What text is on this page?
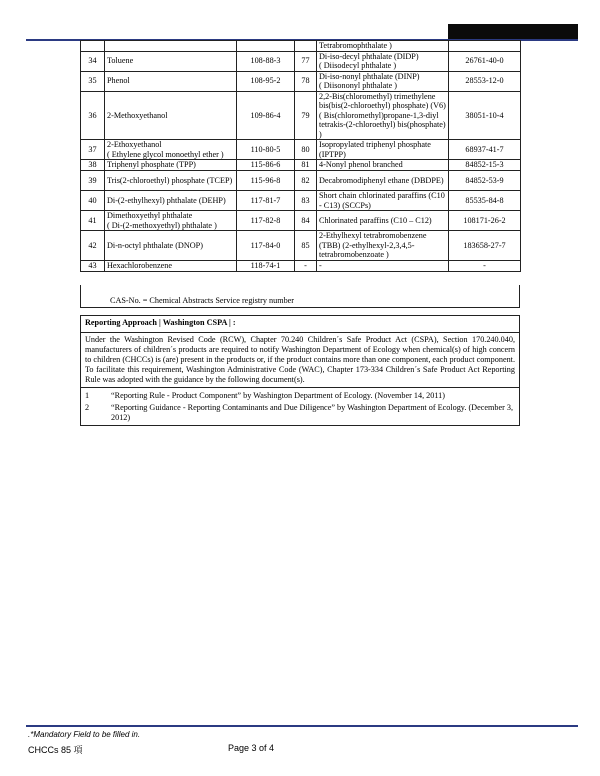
				Tetrabromophthalate )	
34	Toluene	108-88-3	77	Di-iso-decyl phthalate (DIDP)
( Diisodecyl phthalate )	26761-40-0
35	Phenol	108-95-2	78	Di-iso-nonyl phthalate (DINP)
( Diisononyl phthalate )	28553-12-0
36	2-Methoxyethanol	109-86-4	79	2,2-Bis(chloromethyl) trimethylene bis(bis(2-chloroethyl) phosphate) (V6) ( Bis(chloromethyl)propane-1,3-diyl tetrakis-(2-chloroethyl) bis(phosphate) )	38051-10-4
37	2-Ethoxyethanol
( Ethylene glycol monoethyl ether )	110-80-5	80	Isopropylated triphenyl phosphate (IPTPP)	68937-41-7
38	Triphenyl phosphate (TPP)	115-86-6	81	4-Nonyl phenol branched	84852-15-3
39	Tris(2-chloroethyl) phosphate (TCEP)	115-96-8	82	Decabromodiphenyl ethane (DBDPE)	84852-53-9
40	Di-(2-ethylhexyl) phthalate (DEHP)	117-81-7	83	Short chain chlorinated paraffins (C10 - C13) (SCCPs)	85535-84-8
41	Dimethoxyethyl phthalate
( Di-(2-methoxyethyl) phthalate )	117-82-8	84	Chlorinated paraffins (C10 – C12)	108171-26-2
42	Di-n-octyl phthalate (DNOP)	117-84-0	85	2-Ethylhexyl tetrabromobenzene (TBB) (2-ethylhexyl-2,3,4,5-tetrabromobenzoate )	183658-27-7
43	Hexachlorobenzene	118-74-1	-	-	-
CAS-No. = Chemical Abstracts Service registry number
Reporting Approach | Washington CSPA | :
Under the Washington Revised Code (RCW), Chapter 70.240 Children´s Safe Product Act (CSPA), Section 170.240.040, manufacturers of children´s products are required to notify Washington Department of Ecology when chemical(s) of high concern to children (CHCCs) is (are) present in the products or, if the product contains more than one component, each product component. To facilitate this requirement, Washington Administrative Code (WAC), Chapter 173-334 Children´s Safe Product Act Reporting Rule was adopted with the guidance by the following document(s).
1	“Reporting Rule - Product Component” by Washington Department of Ecology. (November 14, 2011)
2	“Reporting Guidance - Reporting Contaminants and Due Diligence” by Washington Department of Ecology. (December 3, 2012)
.*Mandatory Field to be filled in.
CHCCs 85 項	Page 3 of 4
